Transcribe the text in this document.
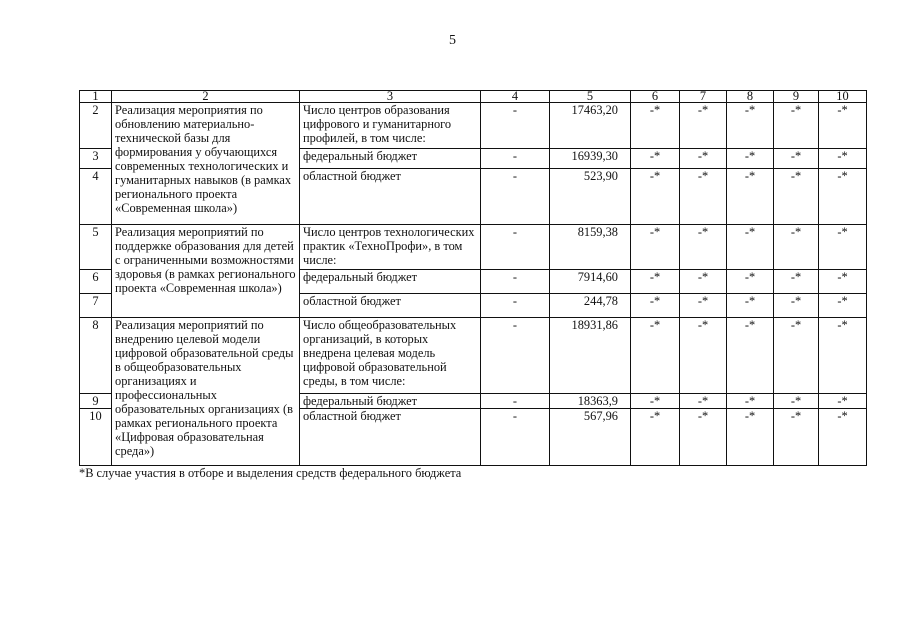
5
1	2	3	4	5	6	7	8	9	10
2	Реализация мероприятия по обновлению материально-технической базы для формирования у обучающихся современных технологических и гуманитарных навыков (в рамках регионального проекта «Современная школа»)	Число центров образования цифрового и гуманитарного профилей, в том числе:	-	17463,20	-*	-*	-*	-*	-*
3		федеральный бюджет	-	16939,30	-*	-*	-*	-*	-*
4		областной бюджет	-	523,90	-*	-*	-*	-*	-*
5	Реализация мероприятий по поддержке образования для детей с ограниченными возможностями здоровья (в рамках регионального проекта «Современная школа»)	Число центров технологических практик «ТехноПрофи», в том числе:	-	8159,38	-*	-*	-*	-*	-*
6		федеральный бюджет	-	7914,60	-*	-*	-*	-*	-*
7		областной бюджет	-	244,78	-*	-*	-*	-*	-*
8	Реализация мероприятий по внедрению целевой модели цифровой образовательной среды в общеобразовательных организациях и профессиональных образовательных организациях (в рамках регионального проекта «Цифровая образовательная среда»)	Число общеобразовательных организаций, в которых внедрена целевая модель цифровой образовательной среды, в том числе:	-	18931,86	-*	-*	-*	-*	-*
9		федеральный бюджет	-	18363,9	-*	-*	-*	-*	-*
10		областной бюджет	-	567,96	-*	-*	-*	-*	-*
*В случае участия в отборе и выделения средств федерального бюджета
